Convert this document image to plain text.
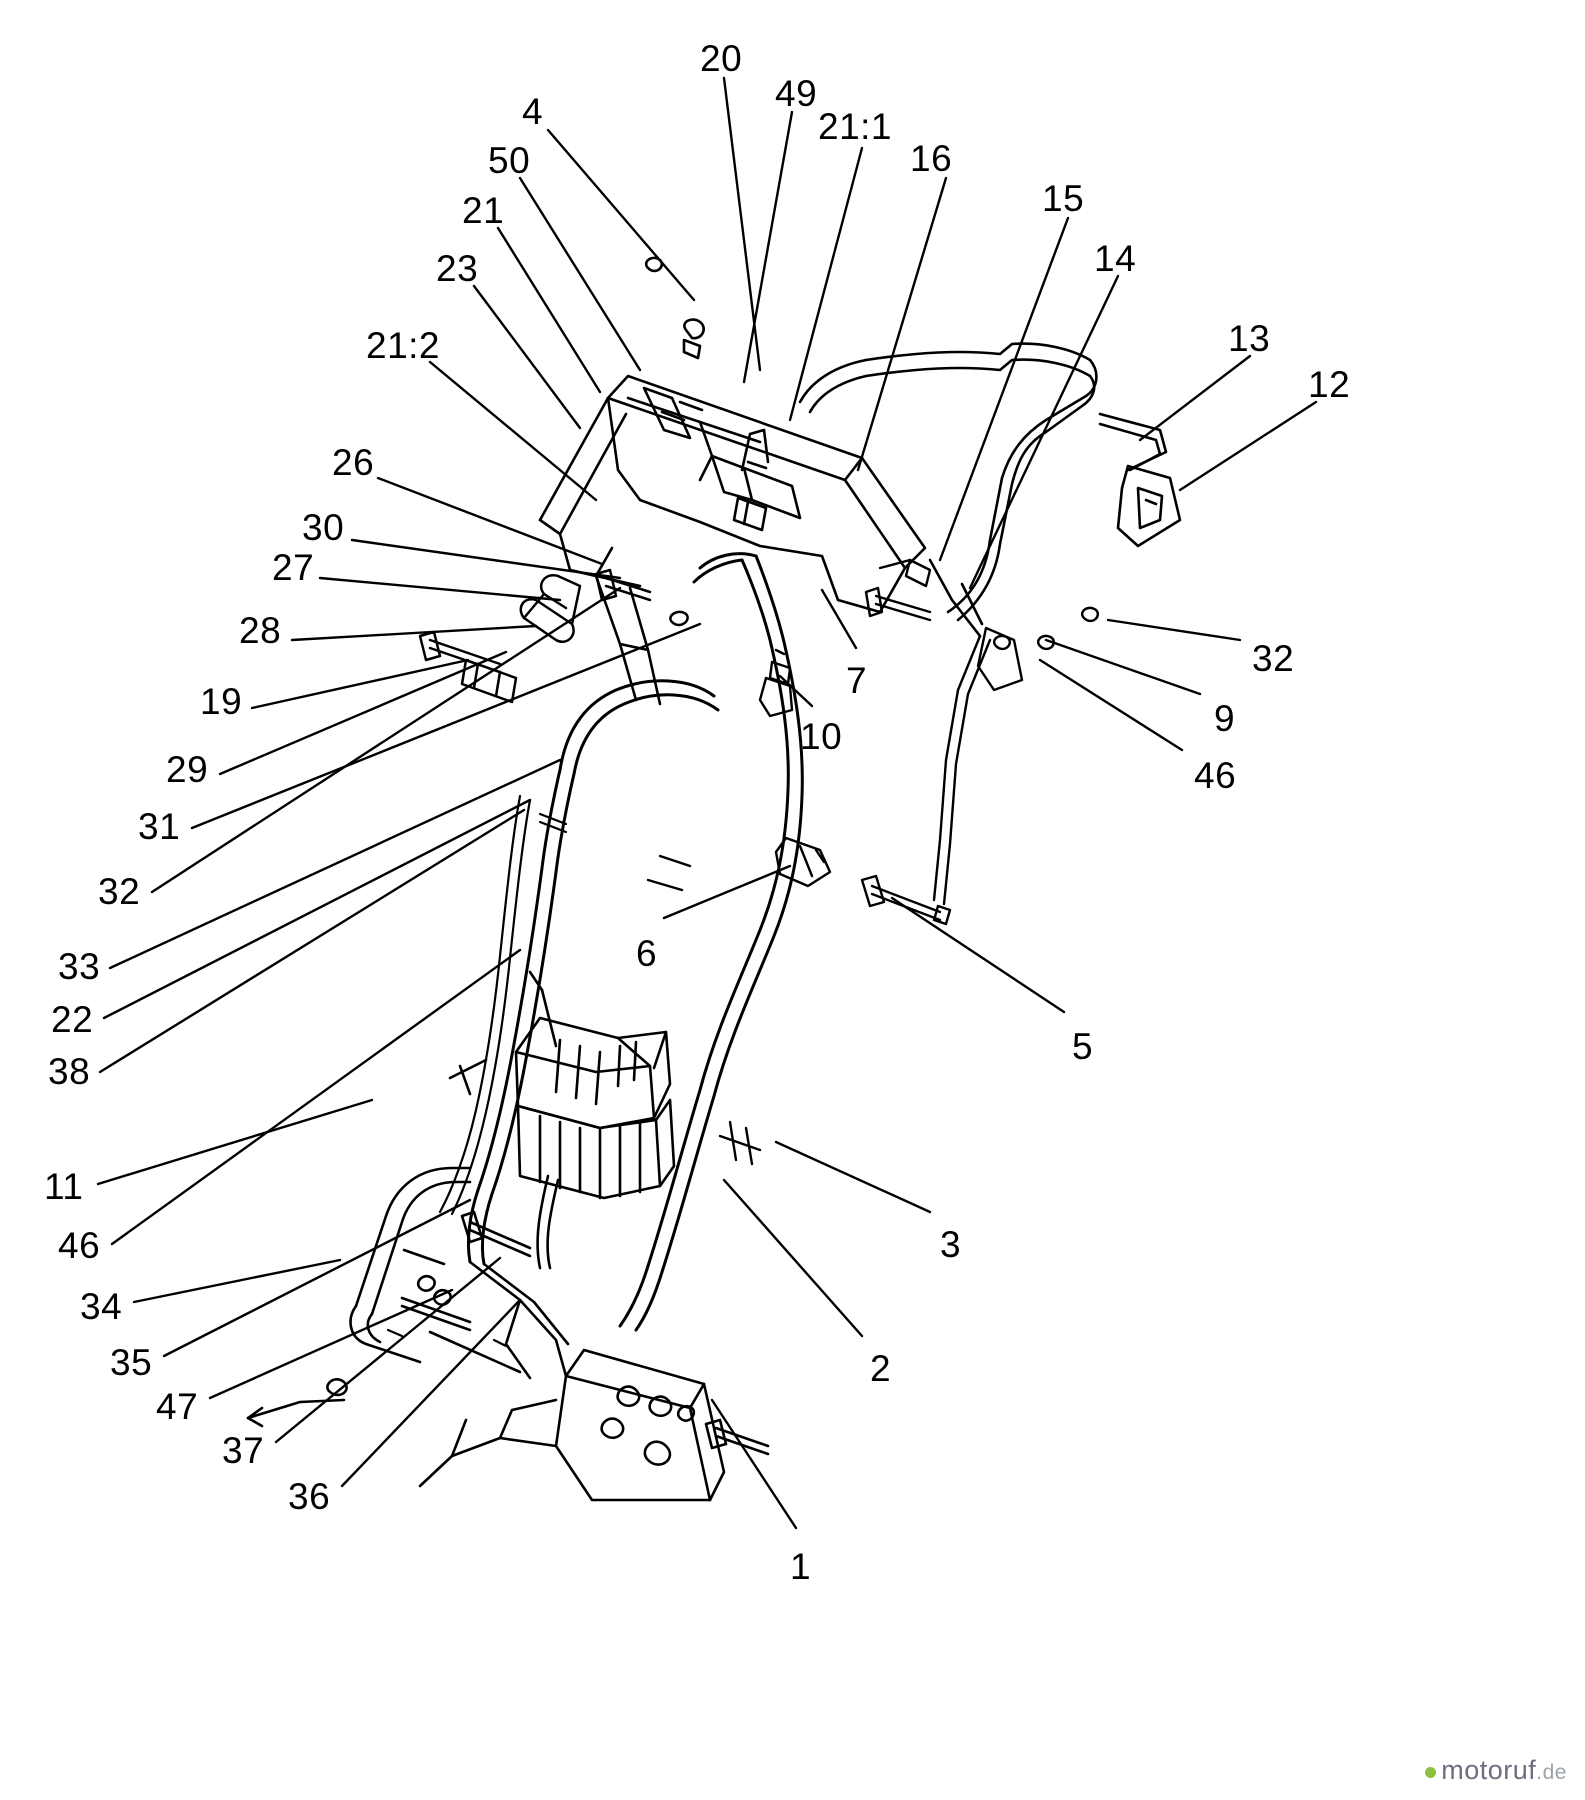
20
49
4	21:1
16
50
15
21
14
23
13
21:2
12
26
30
27
28
32
7
19	9
10
29	46
31
32
6
33
22
38
5
11
46	3
34
35	2
47
37
36
1
motoruf.de
